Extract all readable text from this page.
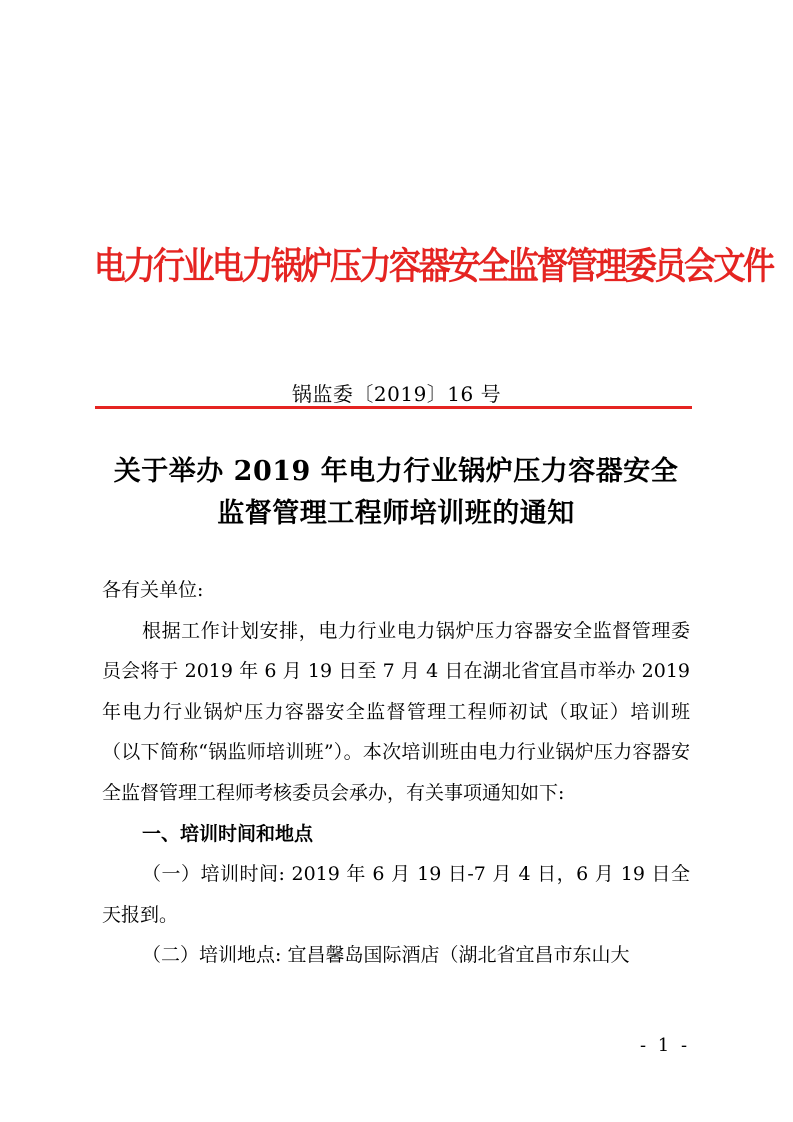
电力行业电力锅炉压力容器安全监督管理委员会文件
锅监委〔2019〕16 号
关于举办 2019 年电力行业锅炉压力容器安全
监督管理工程师培训班的通知

各有关单位:

根据工作计划安排，电力行业电力锅炉压力容器安全监督管理委员会将于 2019 年 6 月 19 日至 7 月 4 日在湖北省宜昌市举办 2019 年电力行业锅炉压力容器安全监督管理工程师初试（取证）培训班（以下简称“锅监师培训班”）。本次培训班由电力行业锅炉压力容器安全监督管理工程师考核委员会承办，有关事项通知如下:

一、培训时间和地点

（一）培训时间: 2019 年 6 月 19 日-7 月 4 日，6 月 19 日全天报到。

（二）培训地点: 宜昌馨岛国际酒店（湖北省宜昌市东山大

- 1 -
